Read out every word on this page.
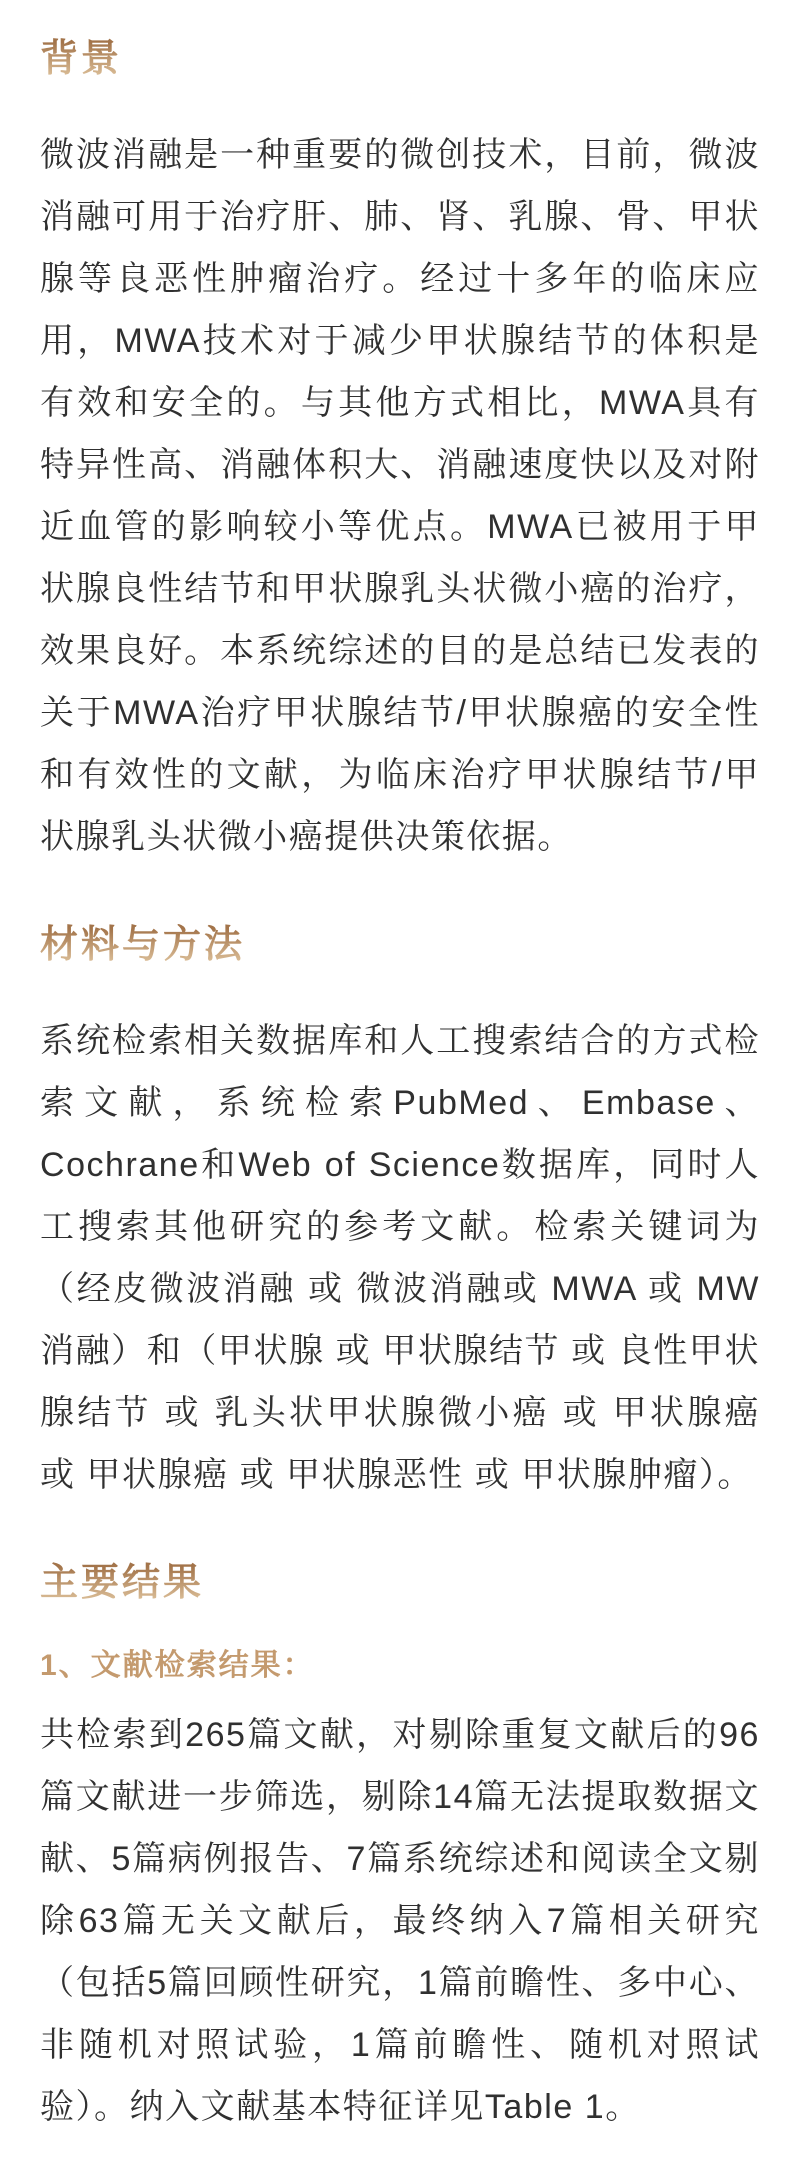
背景

微波消融是一种重要的微创技术，目前，微波消融可用于治疗肝、肺、肾、乳腺、骨、甲状腺等良恶性肿瘤治疗。经过十多年的临床应用，MWA技术对于减少甲状腺结节的体积是有效和安全的。与其他方式相比，MWA具有特异性高、消融体积大、消融速度快以及对附近血管的影响较小等优点。MWA已被用于甲状腺良性结节和甲状腺乳头状微小癌的治疗，效果良好。本系统综述的目的是总结已发表的关于MWA治疗甲状腺结节/甲状腺癌的安全性和有效性的文献，为临床治疗甲状腺结节/甲状腺乳头状微小癌提供决策依据。

材料与方法

系统检索相关数据库和人工搜索结合的方式检索文献，系统检索PubMed、Embase、Cochrane和Web of Science数据库，同时人工搜索其他研究的参考文献。检索关键词为（经皮微波消融 或 微波消融或 MWA 或 MW消融）和（甲状腺 或 甲状腺结节 或 良性甲状腺结节 或 乳头状甲状腺微小癌 或 甲状腺癌 或 甲状腺癌 或 甲状腺恶性 或 甲状腺肿瘤）。

主要结果
1、文献检索结果：

共检索到265篇文献，对剔除重复文献后的96篇文献进一步筛选，剔除14篇无法提取数据文献、5篇病例报告、7篇系统综述和阅读全文剔除63篇无关文献后，最终纳入7篇相关研究（包括5篇回顾性研究，1篇前瞻性、多中心、非随机对照试验，1篇前瞻性、随机对照试验）。纳入文献基本特征详见Table 1。
